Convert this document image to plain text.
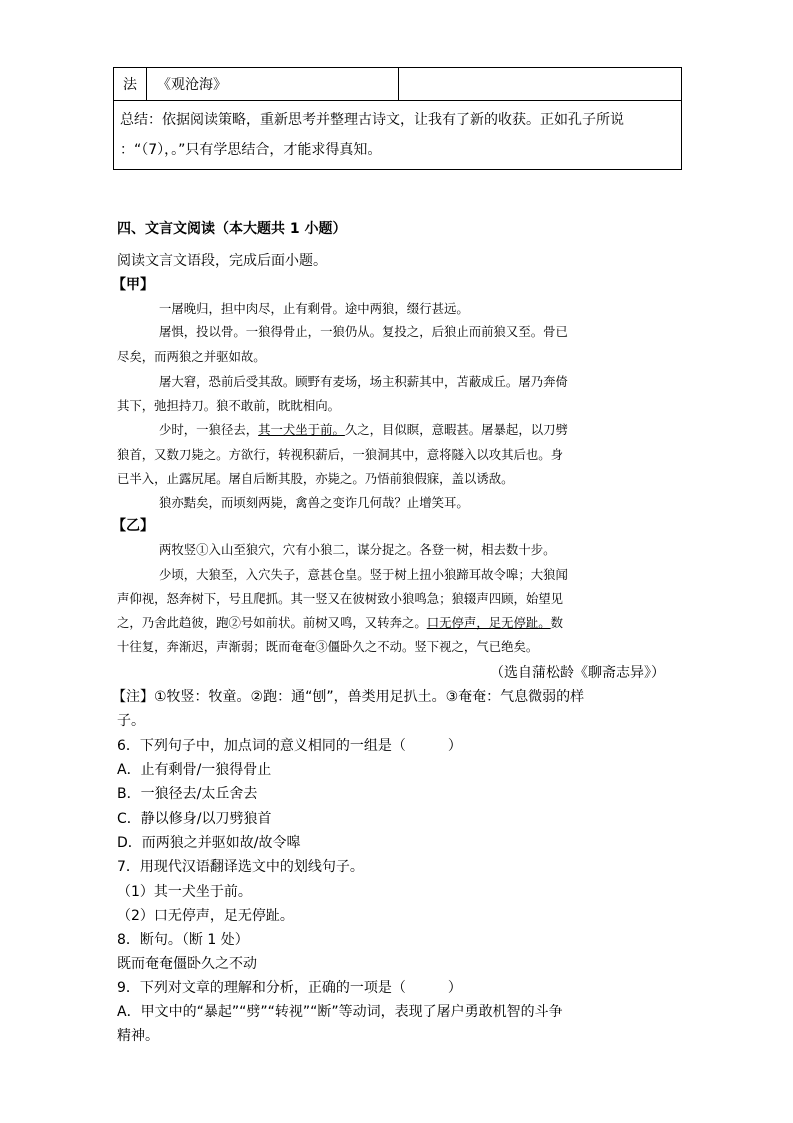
法	《观沧海》	

总结：依据阅读策略，重新思考并整理古诗文，让我有了新的收获。正如孔子所说
：“（7），。”只有学思结合，才能求得真知。
四、文言文阅读（本大题共 1 小题）
阅读文言文语段，完成后面小题。
【甲】
一屠晚归，担中肉尽，止有剩骨。途中两狼，缀行甚远。
屠惧，投以骨。一狼得骨止，一狼仍从。复投之，后狼止而前狼又至。骨已
尽矣，而两狼之并驱如故。
屠大窘，恐前后受其敌。顾野有麦场，场主积薪其中，苫蔽成丘。屠乃奔倚
其下，弛担持刀。狼不敢前，眈眈相向。
少时，一狼径去，其一犬坐于前。久之，目似瞑，意暇甚。屠暴起，以刀劈
狼首，又数刀毙之。方欲行，转视积薪后，一狼洞其中，意将隧入以攻其后也。身
已半入，止露尻尾。屠自后断其股，亦毙之。乃悟前狼假寐，盖以诱敌。
狼亦黠矣，而顷刻两毙，禽兽之变诈几何哉？止增笑耳。
【乙】
两牧竖①入山至狼穴，穴有小狼二，谋分捉之。各登一树，相去数十步。
少顷，大狼至，入穴失子，意甚仓皇。竖于树上扭小狼蹄耳故令嗥；大狼闻
声仰视，怒奔树下，号且爬抓。其一竖又在彼树致小狼鸣急；狼辍声四顾，始望见
之，乃舍此趋彼，跑②号如前状。前树又鸣，又转奔之。口无停声，足无停趾。数
十往复，奔渐迟，声渐弱；既而奄奄③僵卧久之不动。竖下视之，气已绝矣。
（选自蒲松龄《聊斋志异》）
【注】①牧竖：牧童。②跑：通“刨”，兽类用足扒土。③奄奄：气息微弱的样
子。
6．下列句子中，加点词的意义相同的一组是（　　　）
A．止有剩骨/一狼得骨止
B．一狼径去/太丘舍去
C．静以修身/以刀劈狼首
D．而两狼之并驱如故/故令嗥
7．用现代汉语翻译选文中的划线句子。
（1）其一犬坐于前。
（2）口无停声，足无停趾。
8．断句。（断 1 处）
既而奄奄僵卧久之不动
9．下列对文章的理解和分析，正确的一项是（　　　）
A．甲文中的“暴起”“劈”“转视”“断”等动词，表现了屠户勇敢机智的斗争
精神。
